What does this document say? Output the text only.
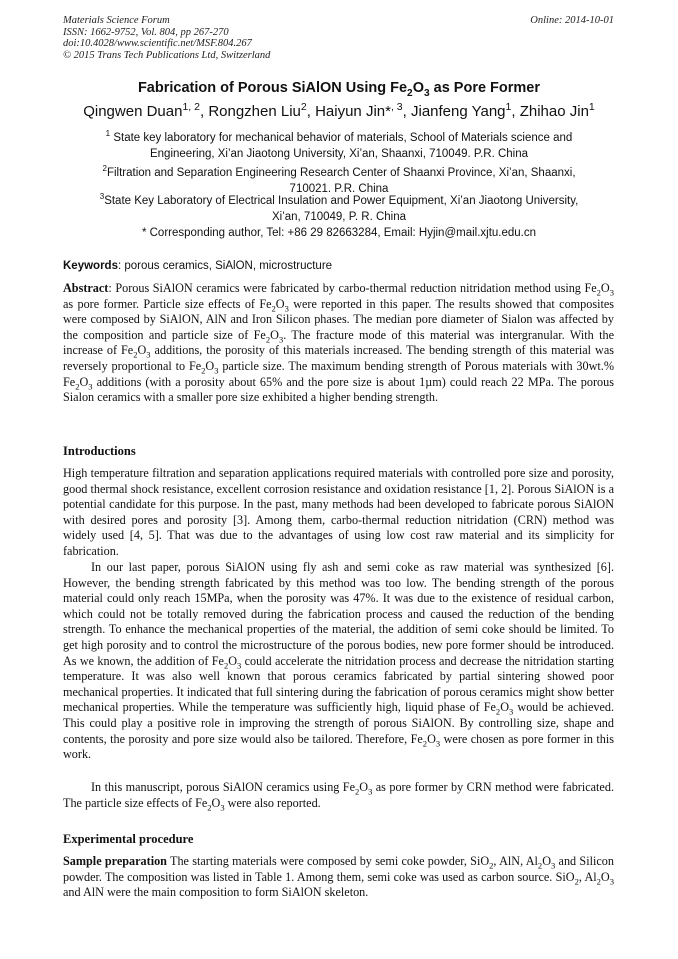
Materials Science Forum
ISSN: 1662-9752, Vol. 804, pp 267-270
doi:10.4028/www.scientific.net/MSF.804.267
© 2015 Trans Tech Publications Ltd, Switzerland
Online: 2014-10-01
Fabrication of Porous SiAlON Using $Fe_2O_3$ as Pore Former
Qingwen Duan$^{1, 2}$, Rongzhen Liu$^2$, Haiyun Jin*$^{, 3}$, Jianfeng Yang$^1$, Zhihao Jin$^1$
$^1$ State key laboratory for mechanical behavior of materials, School of Materials science and
Engineering, Xi’an Jiaotong University, Xi’an, Shaanxi, 710049. P.R. China
$^2$Filtration and Separation Engineering Research Center of Shaanxi Province, Xi’an, Shaanxi,
710021. P.R. China
$^3$State Key Laboratory of Electrical Insulation and Power Equipment, Xi’an Jiaotong University,
Xi’an, 710049, P. R. China
* Corresponding author, Tel: +86 29 82663284, Email: Hyjin@mail.xjtu.edu.cn
Keywords: porous ceramics, SiAlON, microstructure

Abstract: Porous SiAlON ceramics were fabricated by carbo-thermal reduction nitridation method using $Fe_2O_3$ as pore former. Particle size effects of $Fe_2O_3$ were reported in this paper. The results showed that composites were composed by SiAlON, AlN and Iron Silicon phases. The median pore diameter of Sialon was affected by the composition and particle size of $Fe_2O_3$. The fracture mode of this material was intergranular. With the increase of $Fe_2O_3$ additions, the porosity of this materials increased. The bending strength of this material was reversely proportional to $Fe_2O_3$ particle size. The maximum bending strength of Porous materials with 30wt.% $Fe_2O_3$ additions (with a porosity about 65% and the pore size is about 1µm) could reach 22 MPa. The porous Sialon ceramics with a smaller pore size exhibited a higher bending strength.

Introductions

High temperature filtration and separation applications required materials with controlled pore size and porosity, good thermal shock resistance, excellent corrosion resistance and oxidation resistance [1, 2]. Porous SiAlON is a potential candidate for this purpose. In the past, many methods had been developed to fabricate porous SiAlON with desired pores and porosity [3]. Among them, carbo-thermal reduction nitridation (CRN) method was widely used [4, 5]. That was due to the advantages of using low cost raw material and its simplicity for fabrication.

In our last paper, porous SiAlON using fly ash and semi coke as raw material was synthesized [6]. However, the bending strength fabricated by this method was too low. The bending strength of the porous material could only reach 15MPa, when the porosity was 47%. It was due to the existence of residual carbon, which could not be totally removed during the fabrication process and caused the reduction of the bending strength. To enhance the mechanical properties of the material, the addition of semi coke should be limited. To get high porosity and to control the microstructure of the porous bodies, new pore former should be introduced. As we known, the addition of $Fe_2O_3$ could accelerate the nitridation process and decrease the nitridation starting temperature. It was also well known that porous ceramics fabricated by partial sintering showed poor mechanical properties. It indicated that full sintering during the fabrication of porous ceramics might show better mechanical properties. While the temperature was sufficiently high, liquid phase of $Fe_2O_3$ would be achieved. This could play a positive role in improving the strength of porous SiAlON. By controlling size, shape and contents, the porosity and pore size would also be tailored. Therefore, $Fe_2O_3$ were chosen as pore former in this work.

In this manuscript, porous SiAlON ceramics using $Fe_2O_3$ as pore former by CRN method were fabricated. The particle size effects of $Fe_2O_3$ were also reported.

Experimental procedure

Sample preparation The starting materials were composed by semi coke powder, SiO$_2$, AlN, $Al_2O_3$ and Silicon powder. The composition was listed in Table 1. Among them, semi coke was used as carbon source. SiO$_2$, $Al_2O_3$ and AlN were the main composition to form SiAlON skeleton.
